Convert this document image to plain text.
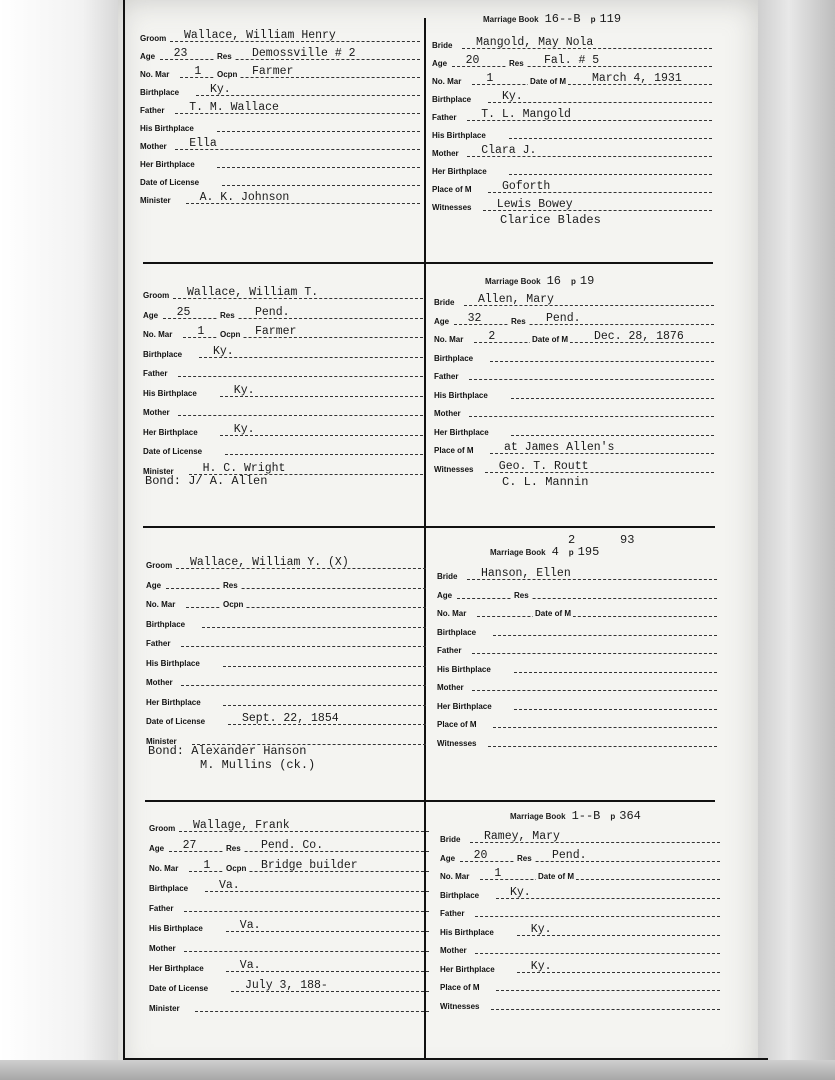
Marriage Book 16--B p 119
Groom Wallace, William Henry
Age 23	Res Demossville # 2
No. Mar 1 Ocpn Farmer
Birthplace	Ky.
Father T. M. Wallace
His Birthplace
Mother Ella
Her Birthplace
Date of License
Minister	A. K. Johnson
Bride Mangold, May Nola
Age 20	Res Fal. # 5
No. Mar 1	Date of M March 4, 1931
Birthplace	Ky.
Father T. L. Mangold
His Birthplace
Mother Clara J.
Her Birthplace
Place of M	Goforth
Witnesses Lewis Bowey
Clarice Blades
Marriage Book 16 p 19
Groom Wallace, William T.
Age 25	Res Pend.
No. Mar 1 Ocpn Farmer
Birthplace	Ky.
Father
His Birthplace	Ky.
Mother
Her Birthplace	Ky.
Date of License
Minister	H. C. Wright
Bride Allen, Mary
Age 32	Res Pend.
No. Mar 2	Date of M Dec. 28, 1876
Birthplace
Father
His Birthplace
Mother
Her Birthplace
Place of M	at James Allen's
Witnesses Geo. T. Routt
C. L. Mannin
Bond: J/ A. Allen
Marriage Book 4 p 195
2	93
Groom Wallace, William Y. (X)
Age	Res
No. Mar	Ocpn
Birthplace
Father
His Birthplace
Mother
Her Birthplace
Date of License	Sept. 22, 1854
Minister
Bride Hanson, Ellen
Age	Res
No. Mar	Date of M
Birthplace
Father
His Birthplace
Mother
Her Birthplace
Place of M
Witnesses
Bond: Alexander Hanson
M. Mullins (ck.)
Marriage Book 1--B p 364
Groom Wallage, Frank
Age 27	Res Pend. Co.
No. Mar 1 Ocpn Bridge builder
Birthplace	Va.
Father
His Birthplace	Va.
Mother
Her Birthplace	Va.
Date of License	July 3, 188-
Minister
Bride Ramey, Mary
Age 20	Res Pend.
No. Mar 1	Date of M
Birthplace	Ky.
Father
His Birthplace	Ky.
Mother
Her Birthplace	Ky.
Place of M
Witnesses
